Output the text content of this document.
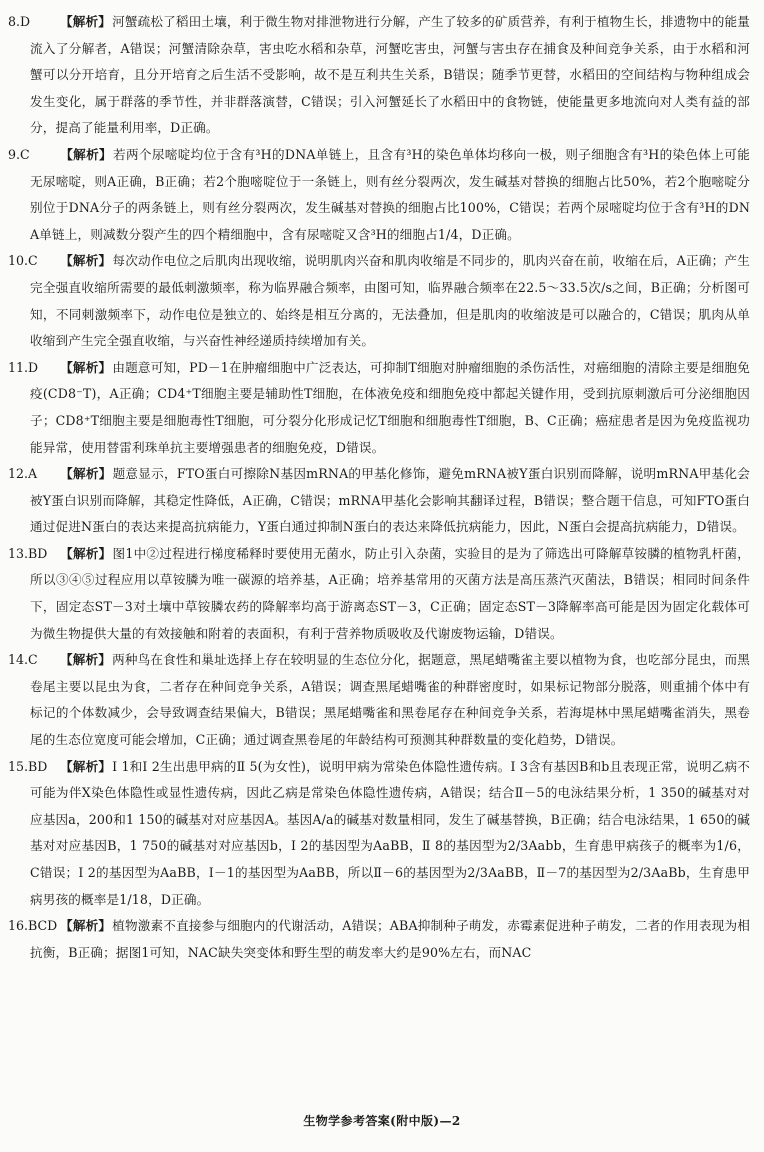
8.D	【解析】河蟹疏松了稻田土壤，利于微生物对排泄物进行分解，产生了较多的矿质营养，有利于植物生长，排遗物中的能量流入了分解者，A错误；河蟹清除杂草，害虫吃水稻和杂草，河蟹吃害虫，河蟹与害虫存在捕食及种间竞争关系，由于水稻和河蟹可以分开培育，且分开培育之后生活不受影响，故不是互利共生关系，B错误；随季节更替，水稻田的空间结构与物种组成会发生变化，属于群落的季节性，并非群落演替，C错误；引入河蟹延长了水稻田中的食物链，使能量更多地流向对人类有益的部分，提高了能量利用率，D正确。

9.C	【解析】若两个尿嘧啶均位于含有³H的DNA单链上，且含有³H的染色单体均移向一极，则子细胞含有³H的染色体上可能无尿嘧啶，则A正确，B正确；若2个胞嘧啶位于一条链上，则有丝分裂两次，发生碱基对替换的细胞占比50%，若2个胞嘧啶分别位于DNA分子的两条链上，则有丝分裂两次，发生碱基对替换的细胞占比100%，C错误；若两个尿嘧啶均位于含有³H的DNA单链上，则减数分裂产生的四个精细胞中，含有尿嘧啶又含³H的细胞占1/4，D正确。

10.C	【解析】每次动作电位之后肌肉出现收缩，说明肌肉兴奋和肌肉收缩是不同步的，肌肉兴奋在前，收缩在后，A正确；产生完全强直收缩所需要的最低刺激频率，称为临界融合频率，由图可知，临界融合频率在22.5～33.5次/s之间，B正确；分析图可知，不同刺激频率下，动作电位是独立的、始终是相互分离的，无法叠加，但是肌肉的收缩波是可以融合的，C错误；肌肉从单收缩到产生完全强直收缩，与兴奋性神经递质持续增加有关。

11.D	【解析】由题意可知，PD－1在肿瘤细胞中广泛表达，可抑制T细胞对肿瘤细胞的杀伤活性，对癌细胞的清除主要是细胞免疫(CD8⁻T)，A正确；CD4⁺T细胞主要是辅助性T细胞，在体液免疫和细胞免疫中都起关键作用，受到抗原刺激后可分泌细胞因子；CD8⁺T细胞主要是细胞毒性T细胞，可分裂分化形成记忆T细胞和细胞毒性T细胞，B、C正确；癌症患者是因为免疫监视功能异常，使用替雷利珠单抗主要增强患者的细胞免疫，D错误。

12.A	【解析】题意显示，FTO蛋白可擦除N基因mRNA的甲基化修饰，避免mRNA被Y蛋白识别而降解，说明mRNA甲基化会被Y蛋白识别而降解，其稳定性降低，A正确，C错误；mRNA甲基化会影响其翻译过程，B错误；整合题干信息，可知FTO蛋白通过促进N蛋白的表达来提高抗病能力，Y蛋白通过抑制N蛋白的表达来降低抗病能力，因此，N蛋白会提高抗病能力，D错误。

13.BD	【解析】图1中②过程进行梯度稀释时要使用无菌水，防止引入杂菌，实验目的是为了筛选出可降解草铵膦的植物乳杆菌，所以③④⑤过程应用以草铵膦为唯一碳源的培养基，A正确；培养基常用的灭菌方法是高压蒸汽灭菌法，B错误；相同时间条件下，固定态ST－3对土壤中草铵膦农药的降解率均高于游离态ST－3，C正确；固定态ST－3降解率高可能是因为固定化载体可为微生物提供大量的有效接触和附着的表面积，有利于营养物质吸收及代谢废物运输，D错误。

14.C	【解析】两种鸟在食性和巢址选择上存在较明显的生态位分化，据题意，黑尾蜡嘴雀主要以植物为食，也吃部分昆虫，而黑卷尾主要以昆虫为食，二者存在种间竞争关系，A错误；调查黑尾蜡嘴雀的种群密度时，如果标记物部分脱落，则重捕个体中有标记的个体数减少，会导致调查结果偏大，B错误；黑尾蜡嘴雀和黑卷尾存在种间竞争关系，若海堤林中黑尾蜡嘴雀消失，黑卷尾的生态位宽度可能会增加，C正确；通过调查黑卷尾的年龄结构可预测其种群数量的变化趋势，D错误。

15.BD	【解析】Ⅰ 1和Ⅰ 2生出患甲病的Ⅱ 5(为女性)，说明甲病为常染色体隐性遗传病。Ⅰ 3含有基因B和b且表现正常，说明乙病不可能为伴X染色体隐性或显性遗传病，因此乙病是常染色体隐性遗传病，A错误；结合Ⅱ－5的电泳结果分析，1 350的碱基对对应基因a，200和1 150的碱基对对应基因A。基因A/a的碱基对数量相同，发生了碱基替换，B正确；结合电泳结果，1 650的碱基对对应基因B，1 750的碱基对对应基因b，Ⅰ 2的基因型为AaBB，Ⅱ 8的基因型为2/3Aabb，生育患甲病孩子的概率为1/6，C错误；Ⅰ 2的基因型为AaBB，Ⅰ－1的基因型为AaBB，所以Ⅱ－6的基因型为2/3AaBB，Ⅱ－7的基因型为2/3AaBb，生育患甲病男孩的概率是1/18，D正确。

16.BCD 【解析】植物激素不直接参与细胞内的代谢活动，A错误；ABA抑制种子萌发，赤霉素促进种子萌发，二者的作用表现为相抗衡，B正确；据图1可知，NAC缺失突变体和野生型的萌发率大约是90%左右，而NAC

生物学参考答案(附中版)—2
